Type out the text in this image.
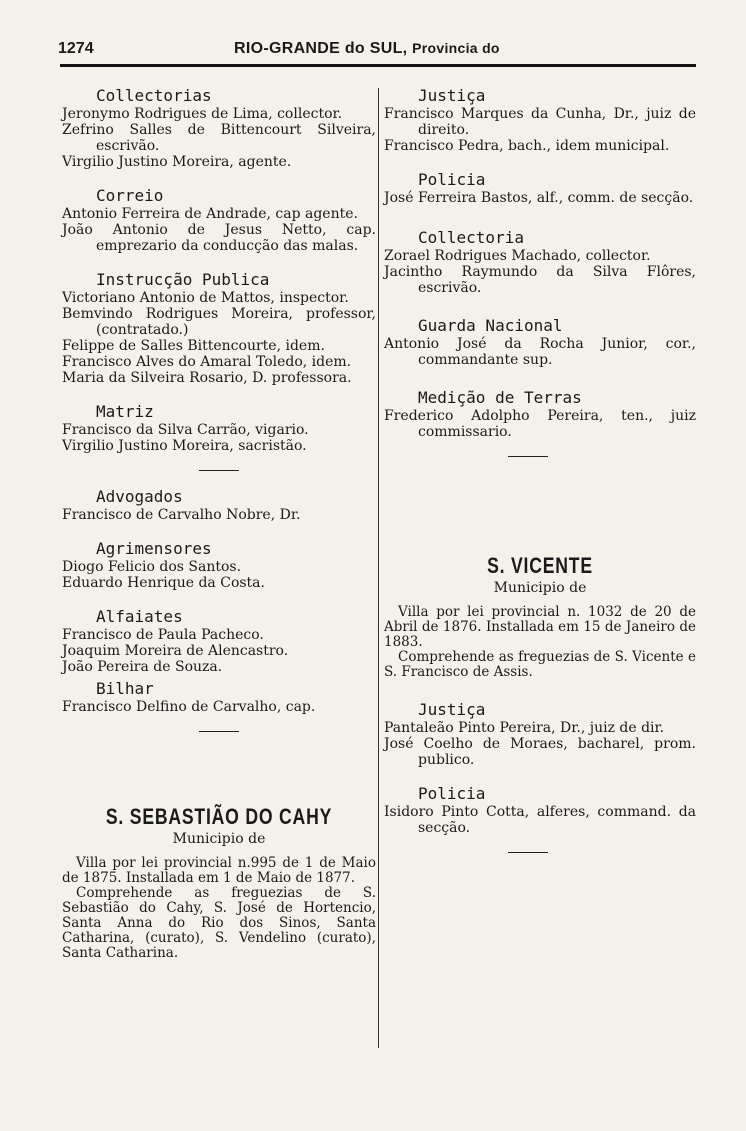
1274	RIO-GRANDE do SUL, Provincia do
Collectorias
Jeronymo Rodrigues de Lima, collector.
Zefrino Salles de Bittencourt Silveira, escrivão.
Virgilio Justino Moreira, agente.
Correio
Antonio Ferreira de Andrade, cap agente.
João Antonio de Jesus Netto, cap. emprezario da conducção das malas.
Instrucção Publica
Victoriano Antonio de Mattos, inspector.
Bemvindo Rodrigues Moreira, professor, (contratado.)
Felippe de Salles Bittencourte, idem.
Francisco Alves do Amaral Toledo, idem.
Maria da Silveira Rosario, D. professora.
Matriz
Francisco da Silva Carrão, vigario.
Virgilio Justino Moreira, sacristão.
Advogados
Francisco de Carvalho Nobre, Dr.
Agrimensores
Diogo Felicio dos Santos.
Eduardo Henrique da Costa.
Alfaiates
Francisco de Paula Pacheco.
Joaquim Moreira de Alencastro.
João Pereira de Souza.
Bilhar
Francisco Delfino de Carvalho, cap.
S. SEBASTIÃO DO CAHY
Municipio de
Villa por lei provincial n.995 de 1 de Maio de 1875. Installada em 1 de Maio de 1877.
Comprehende as freguezias de S. Sebastião do Cahy, S. José de Hortencio, Santa Anna do Rio dos Sinos, Santa Catharina, (curato), S. Vendelino (curato), Santa Catharina.
Justiça
Francisco Marques da Cunha, Dr., juiz de direito.
Francisco Pedra, bach., idem municipal.
Policia
José Ferreira Bastos, alf., comm. de secção.
Collectoria
Zorael Rodrigues Machado, collector.
Jacintho Raymundo da Silva Flôres, escrivão.
Guarda Nacional
Antonio José da Rocha Junior, cor., commandante sup.
Medição de Terras
Frederico Adolpho Pereira, ten., juiz commissario.
S. VICENTE
Municipio de
Villa por lei provincial n. 1032 de 20 de Abril de 1876. Installada em 15 de Janeiro de 1883.
Comprehende as freguezias de S. Vicente e S. Francisco de Assis.
Justiça
Pantaleão Pinto Pereira, Dr., juiz de dir.
José Coelho de Moraes, bacharel, prom. publico.
Policia
Isidoro Pinto Cotta, alferes, command. da secção.
